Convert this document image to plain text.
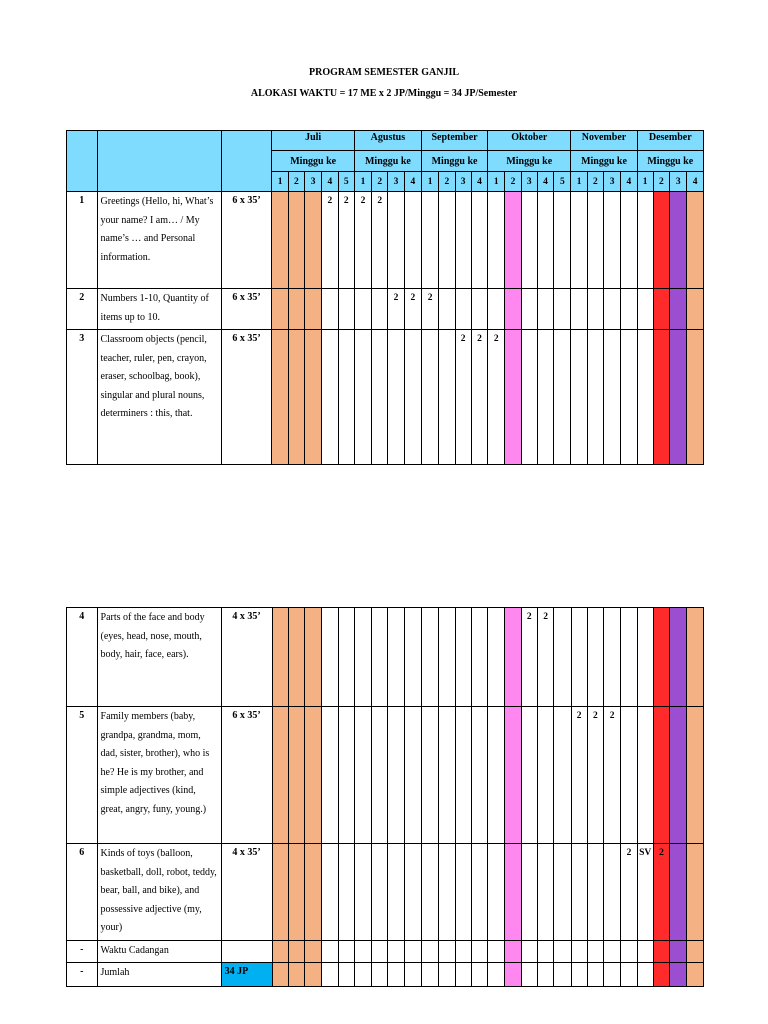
PROGRAM SEMESTER GANJIL
ALOKASI WAKTU = 17 ME x 2 JP/Minggu = 34 JP/Semester

	Juli					Agustus				September				Oktober					November				Desember			
			Minggu ke					Minggu ke				Minggu ke				Minggu ke					Minggu ke				Minggu ke			
			1	2	3	4	5	1	2	3	4	1	2	3	4	1	2	3	4	5	1	2	3	4	1	2	3	4
1	Greetings (Hello, hi, What’s your name? I am… / My name’s … and Personal information.	6 x 35’				2	2	2	2																			
2	Numbers 1-10, Quantity of items up to 10.	6 x 35’								2	2	2																
3	Classroom objects (pencil, teacher, ruler, pen, crayon, eraser, schoolbag, book), singular and plural nouns, determiners : this, that.	6 x 35’												2	2	2												
4	Parts of the face and body (eyes, head, nose, mouth, body, hair, face, ears).	4 x 35’																2	2									
5	Family members (baby, grandpa, grandma, mom, dad, sister, brother), who is he? He is my brother, and simple adjectives (kind, great, angry, funy, young.)	6 x 35’																			2	2	2					
6	Kinds of toys (balloon, basketball, doll, robot, teddy, bear, ball, and bike), and possessive adjective (my, your)	4 x 35’																						2	SV	2		
-	Waktu Cadangan																											
-	Jumlah	34 JP																										
